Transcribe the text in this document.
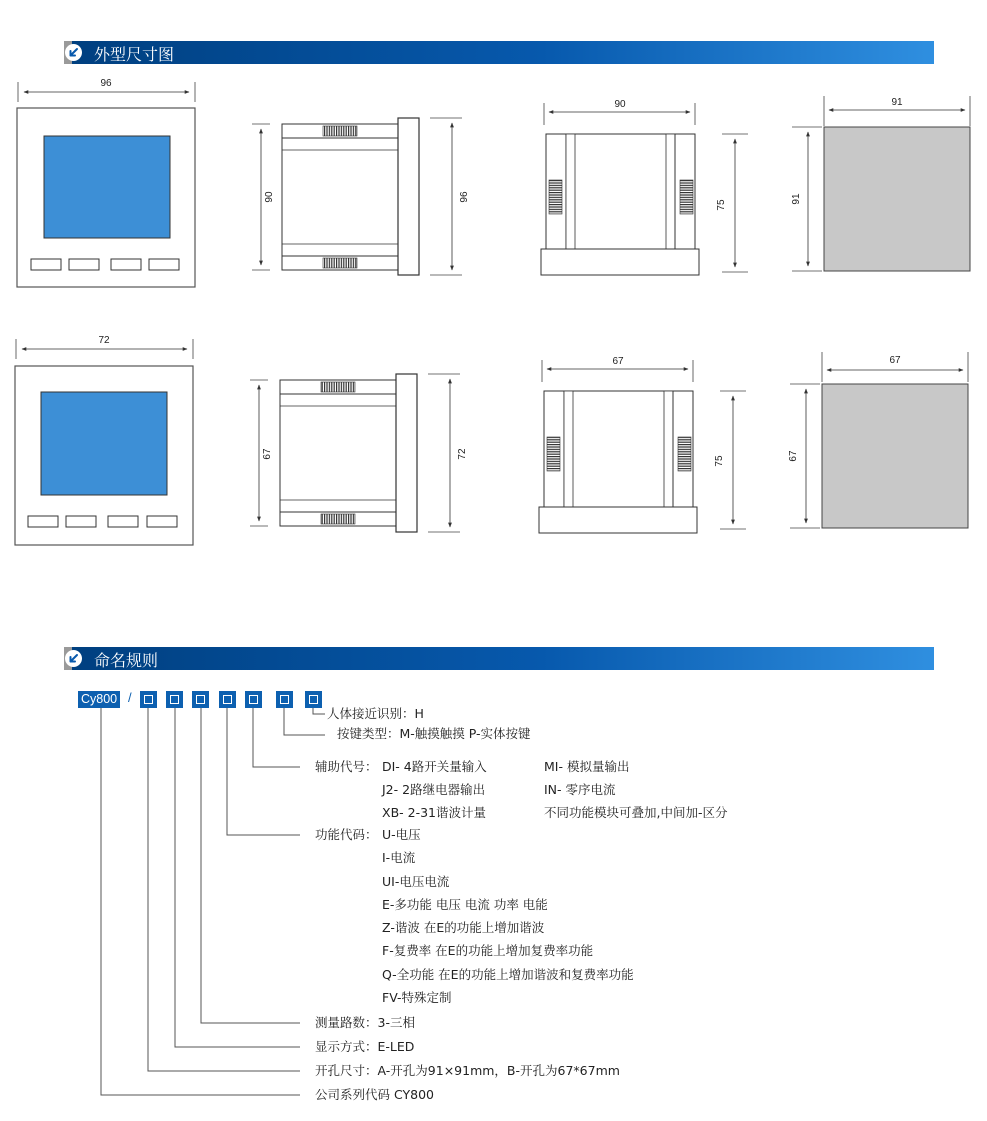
外型尺寸图
96
90	96
90
75
91
91
72
67	72
67
75
67
67
命名规则
Cy800 /
人体接近识别：H
按键类型：M-触摸触摸 P-实体按键
辅助代号： DI- 4路开关量输入	MI- 模拟量输出
J2- 2路继电器输出	IN- 零序电流
XB- 2-31谐波计量	不同功能模块可叠加,中间加-区分
功能代码： U-电压
I-电流
UI-电压电流
E-多功能 电压 电流 功率 电能
Z-谐波 在E的功能上增加谐波
F-复费率 在E的功能上增加复费率功能
Q-全功能 在E的功能上增加谐波和复费率功能
FV-特殊定制
测量路数：3-三相
显示方式：E-LED
开孔尺寸：A-开孔为91×91mm，B-开孔为67*67mm
公司系列代码 CY800
